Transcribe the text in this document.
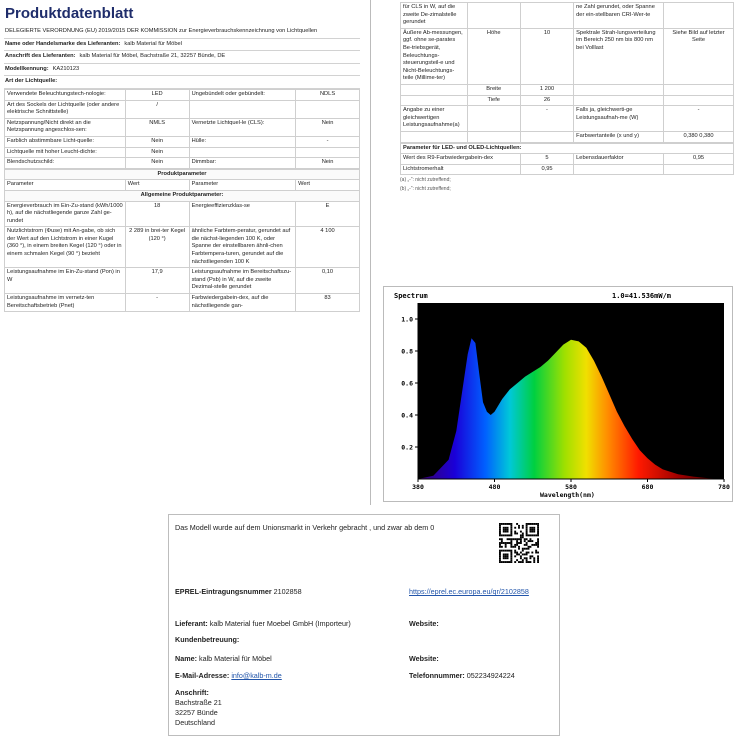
Produktdatenblatt
DELEGIERTE VERORDNUNG (EU) 2019/2015 DER KOMMISSION zur Energieverbrauchskennzeichnung von Lichtquellen
Name oder Handelsmarke des Lieferanten: kalb Material für Möbel
Anschrift des Lieferanten: kalb Material für Möbel, Bachstraße 21, 32257 Bünde, DE
Modellkennung: KA210123
Art der Lichtquelle:
Verwendete Beleuchtungstech-nologie:	LED	Ungebündelt oder gebündelt:	NDLS
Art des Sockels der Lichtquelle (oder andere elektrische Schnittstelle)	/		
Netzspannung/Nicht direkt an die Netzspannung angeschlos-sen:	NMLS	Vernetzte Lichtquel-le (CLS):	Nein
Farblich abstimmbare Licht-quelle:	Nein	Hülle:	-
Lichtquelle mit hoher Leucht-dichte:	Nein		
Blendschutzschild:	Nein	Dimmbar:	Nein
Produktparameter			
Parameter	Wert	Parameter	Wert
Allgemeine Produktparameter:			
Energieverbrauch im Ein-Zu-stand (kWh/1000 h), auf die nächstliegende ganze Zahl ge-rundet	18	Energieeffizienzklas-se	E
Nutzlichtstrom (Φuse) mit An-gabe, ob sich der Wert auf den Lichtstrom in einer Kugel (360 °), in einem breiten Kegel (120 °) oder in einem schmalen Kegel (90 °) bezieht	2 289 in brei-ter Kegel (120 °)	ähnliche Farbtem-peratur, gerundet auf die nächst-liegenden 100 K, oder Spanne der einstellbaren ähnli-chen Farbtempera-turen, gerundet auf die nächstliegenden 100 K	4 100
Leistungsaufnahme im Ein-Zu-stand (Pon) in W	17,9	Leistungsaufnahme im Bereitschaftszu-stand (Psb) in W, auf die zweite Dezimal-stelle gerundet	0,10
Leistungsaufnahme im vernetz-ten Bereitschaftsbetrieb (Pnet)	-	Farbwiedergabein-dex, auf die nächstliegende gan-	83
für CLS in W, auf die zweite De-zimalstelle gerundet			ne Zahl gerundet, oder Spanne der ein-stellbaren CRI-Wer-te	
Äußere Ab-messungen, ggf. ohne se-parates Be-triebsgerät, Beleuchtungs-steuerungsteil-e und Nicht-Beleuchtungs-teile (Millime-ter)	Höhe	10	Spektrale Strah-lungsverteilung im Bereich 250 nm bis 800 nm bei Volllast	Siehe Bild auf letzter Seite
	Breite	1 200		
	Tiefe	26		
Angabe zu einer gleichwertigen Leistungsaufnahme(a)		-	Falls ja, gleichwerti-ge Leistungsaufnah-me (W)	-
			Farbwertanteile (x und y)	0,380 0,380
Parameter für LED- und OLED-Lichtquellen:			
Wert des R9-Farbwiedergabein-dex	5	Lebensdauerfaktor	0,95
Lichtstromerhalt	0,95		
(a) „-“: nicht zutreffend;
(b) „-“: nicht zutreffend;
0.2
0.4
0.6
0.8
1.0
380	480	580	680	780
Spectrum	1.0=41.536mW/m
Wavelength(nm)
Das Modell wurde auf dem Unionsmarkt in Verkehr gebracht , und zwar ab dem 0
EPREL-Eintragungsnummer 2102858	https://eprel.ec.europa.eu/qr/2102858
Lieferant: kalb Material fuer Moebel GmbH (Importeur)	Website:
Kundenbetreuung:
Name: kalb Material für Möbel	Website:
E-Mail-Adresse: info@kalb-m.de	Telefonnummer: 052234924224
Anschrift:
Bachstraße 21
32257 Bünde
Deutschland
